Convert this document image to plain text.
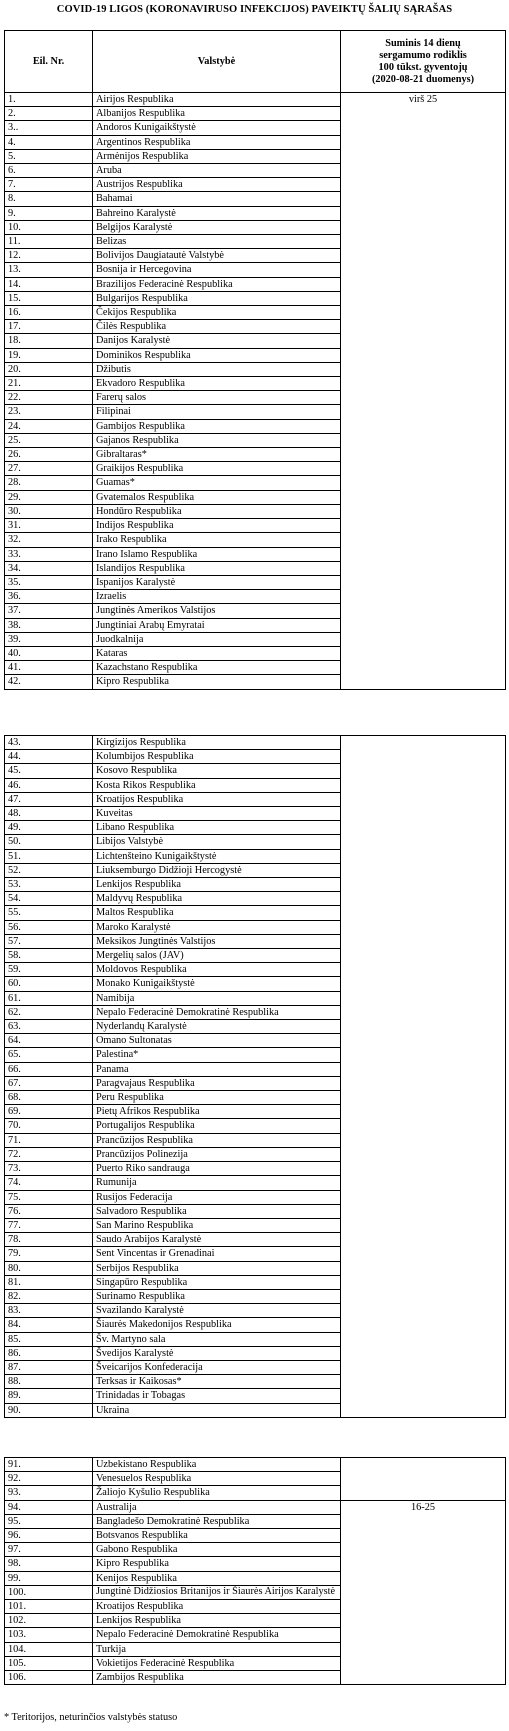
COVID-19 LIGOS (KORONAVIRUSO INFEKCIJOS) PAVEIKTŲ ŠALIŲ SĄRAŠAS
Eil. Nr.	Valstybė	Suminis 14 dienų
sergamumo rodiklis
100 tūkst. gyventojų
(2020-08-21 duomenys)
1.	Airijos Respublika	virš 25
2.	Albanijos Respublika	
3..	Andoros Kunigaikštystė	
4.	Argentinos Respublika	
5.	Armėnijos Respublika	
6.	Aruba	
7.	Austrijos Respublika	
8.	Bahamai	
9.	Bahreino Karalystė	
10.	Belgijos Karalystė	
11.	Belizas	
12.	Bolivijos Daugiatautė Valstybė	
13.	Bosnija ir Hercegovina	
14.	Brazilijos Federacinė Respublika	
15.	Bulgarijos Respublika	
16.	Čekijos Respublika	
17.	Čilės Respublika	
18.	Danijos Karalystė	
19.	Dominikos Respublika	
20.	Džibutis	
21.	Ekvadoro Respublika	
22.	Farerų salos	
23.	Filipinai	
24.	Gambijos Respublika	
25.	Gajanos Respublika	
26.	Gibraltaras*	
27.	Graikijos Respublika	
28.	Guamas*	
29.	Gvatemalos Respublika	
30.	Hondūro Respublika	
31.	Indijos Respublika	
32.	Irako Respublika	
33.	Irano Islamo Respublika	
34.	Islandijos Respublika	
35.	Ispanijos Karalystė	
36.	Izraelis	
37.	Jungtinės Amerikos Valstijos	
38.	Jungtiniai Arabų Emyratai	
39.	Juodkalnija	
40.	Kataras	
41.	Kazachstano Respublika	
42.	Kipro Respublika	
43.	Kirgizijos Respublika	
44.	Kolumbijos Respublika	
45.	Kosovo Respublika	
46.	Kosta Rikos Respublika	
47.	Kroatijos Respublika	
48.	Kuveitas	
49.	Libano Respublika	
50.	Libijos Valstybė	
51.	Lichtenšteino Kunigaikštystė	
52.	Liuksemburgo Didžioji Hercogystė	
53.	Lenkijos Respublika	
54.	Maldyvų Respublika	
55.	Maltos Respublika	
56.	Maroko Karalystė	
57.	Meksikos Jungtinės Valstijos	
58.	Mergelių salos (JAV)	
59.	Moldovos Respublika	
60.	Monako Kunigaikštystė	
61.	Namibija	
62.	Nepalo Federacinė Demokratinė Respublika	
63.	Nyderlandų Karalystė	
64.	Omano Sultonatas	
65.	Palestina*	
66.	Panama	
67.	Paragvajaus Respublika	
68.	Peru Respublika	
69.	Pietų Afrikos Respublika	
70.	Portugalijos Respublika	
71.	Prancūzijos Respublika	
72.	Prancūzijos Polinezija	
73.	Puerto Riko sandrauga	
74.	Rumunija	
75.	Rusijos Federacija	
76.	Salvadoro Respublika	
77.	San Marino Respublika	
78.	Saudo Arabijos Karalystė	
79.	Sent Vincentas ir Grenadinai	
80.	Serbijos Respublika	
81.	Singapūro Respublika	
82.	Surinamo Respublika	
83.	Svazilando Karalystė	
84.	Šiaurės Makedonijos Respublika	
85.	Šv. Martyno sala	
86.	Švedijos Karalystė	
87.	Šveicarijos Konfederacija	
88.	Terksas ir Kaikosas*	
89.	Trinidadas ir Tobagas	
90.	Ukraina	
91.	Uzbekistano Respublika	
92.	Venesuelos Respublika	
93.	Žaliojo Kyšulio Respublika	
94.	Australija	16-25
95.	Bangladešo Demokratinė Respublika	
96.	Botsvanos Respublika	
97.	Gabono Respublika	
98.	Kipro Respublika	
99.	Kenijos Respublika	
100.	Jungtinė Didžiosios Britanijos ir Šiaurės Airijos Karalystė	
101.	Kroatijos Respublika	
102.	Lenkijos Respublika	
103.	Nepalo Federacinė Demokratinė Respublika	
104.	Turkija	
105.	Vokietijos Federacinė Respublika	
106.	Zambijos Respublika	
* Teritorijos, neturinčios valstybės statuso
